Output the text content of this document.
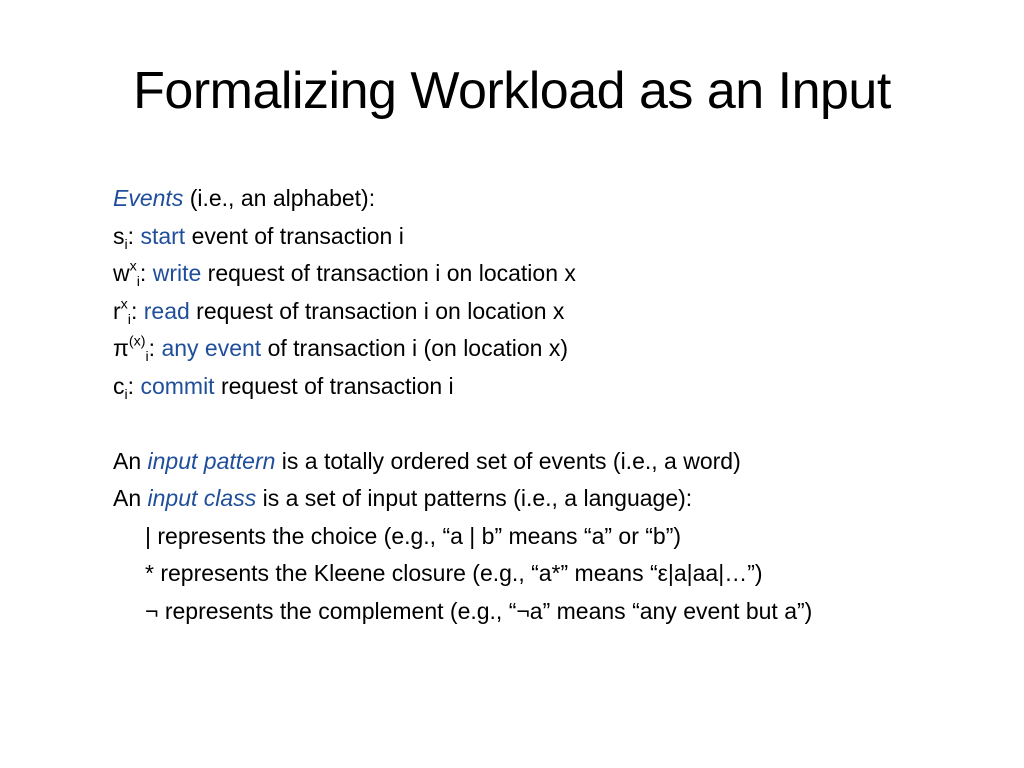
Formalizing Workload as an Input
Events (i.e., an alphabet):
$s_i$: start event of transaction i
$w^x_i$: write request of transaction i on location x
$r^x_i$: read request of transaction i on location x
$\pi^{(x)}_i$: any event of transaction i (on location x)
$c_i$: commit request of transaction i
An input pattern is a totally ordered set of events (i.e., a word)
An input class is a set of input patterns (i.e., a language):
| represents the choice (e.g., “a | b” means “a” or “b”)
* represents the Kleene closure (e.g., “a*” means “ε|a|aa|…”)
¬ represents the complement (e.g., “¬a” means “any event but a”)
